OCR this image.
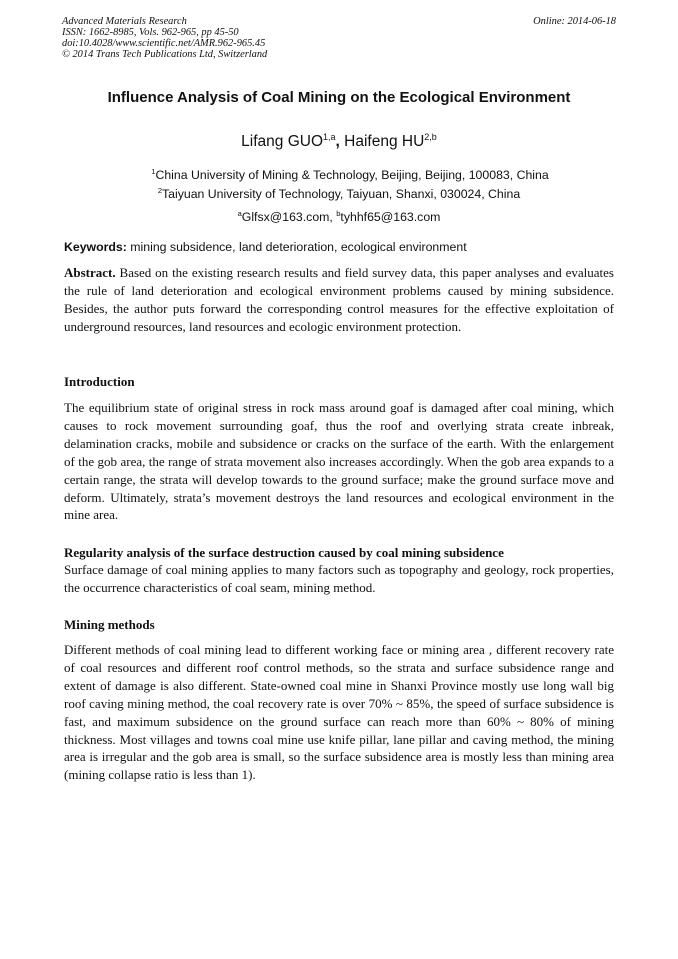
Advanced Materials Research
ISSN: 1662-8985, Vols. 962-965, pp 45-50
doi:10.4028/www.scientific.net/AMR.962-965.45
© 2014 Trans Tech Publications Ltd, Switzerland
Online: 2014-06-18
Influence Analysis of Coal Mining on the Ecological Environment
Lifang GUO$^{1,a}$, Haifeng HU$^{2,b}$
$^1$China University of Mining & Technology, Beijing, Beijing, 100083, China
$^2$Taiyuan University of Technology, Taiyuan, Shanxi, 030024, China
$^a$Glfsx@163.com, $^b$tyhhf65@163.com
Keywords: mining subsidence, land deterioration, ecological environment

Abstract. Based on the existing research results and field survey data, this paper analyses and evaluates the rule of land deterioration and ecological environment problems caused by mining subsidence. Besides, the author puts forward the corresponding control measures for the effective exploitation of underground resources, land resources and ecologic environment protection.

Introduction

The equilibrium state of original stress in rock mass around goaf is damaged after coal mining, which causes to rock movement surrounding goaf, thus the roof and overlying strata create inbreak, delamination cracks, mobile and subsidence or cracks on the surface of the earth. With the enlargement of the gob area, the range of strata movement also increases accordingly. When the gob area expands to a certain range, the strata will develop towards to the ground surface; make the ground surface move and deform. Ultimately, strata’s movement destroys the land resources and ecological environment in the mine area.

Regularity analysis of the surface destruction caused by coal mining subsidence

Surface damage of coal mining applies to many factors such as topography and geology, rock properties, the occurrence characteristics of coal seam, mining method.

Mining methods

Different methods of coal mining lead to different working face or mining area , different recovery rate of coal resources and different roof control methods, so the strata and surface subsidence range and extent of damage is also different. State-owned coal mine in Shanxi Province mostly use long wall big roof caving mining method, the coal recovery rate is over 70% ~ 85%, the speed of surface subsidence is fast, and maximum subsidence on the ground surface can reach more than 60% ~ 80% of mining thickness. Most villages and towns coal mine use knife pillar, lane pillar and caving method, the mining area is irregular and the gob area is small, so the surface subsidence area is mostly less than mining area (mining collapse ratio is less than 1).
